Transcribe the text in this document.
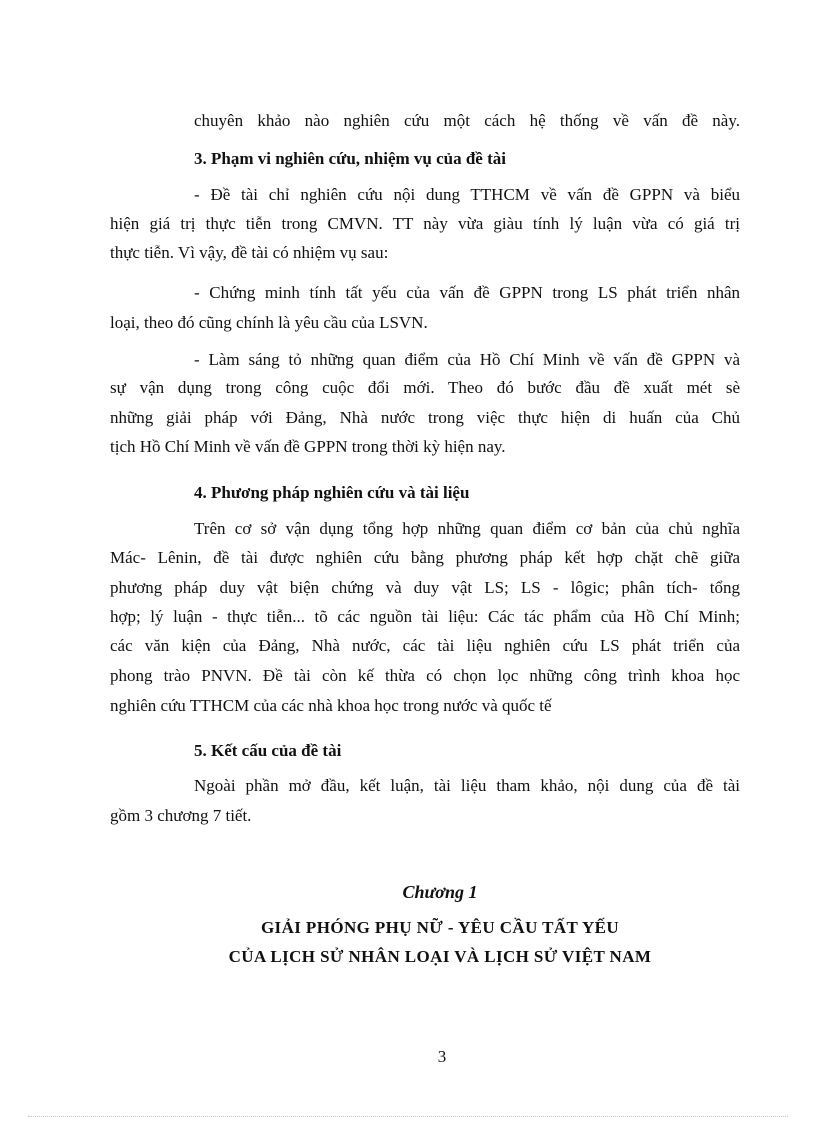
chuyên khảo nào nghiên cứu một cách hệ thống về vấn đề này.
3. Phạm vi nghiên cứu, nhiệm vụ của đề tài
- Đề tài chỉ nghiên cứu nội dung TTHCM về vấn đề GPPN và biểu
hiện giá trị thực tiễn trong CMVN. TT này vừa giàu tính lý luận vừa có giá trị
thực tiễn. Vì vậy, đề tài có nhiệm vụ sau:
- Chứng minh tính tất yếu của vấn đề GPPN trong LS phát triển nhân
loại, theo đó cũng chính là yêu cầu của LSVN.
- Làm sáng tỏ những quan điểm của Hồ Chí Minh về vấn đề GPPN và
sự vận dụng trong công cuộc đổi mới. Theo đó bước đầu đề xuất mét sè
những giải pháp với Đảng, Nhà nước trong việc thực hiện di huấn của Chủ
tịch Hồ Chí Minh về vấn đề GPPN trong thời kỳ hiện nay.
4. Phương pháp nghiên cứu và tài liệu
Trên cơ sở vận dụng tổng hợp những quan điểm cơ bản của chủ nghĩa
Mác- Lênin, đề tài được nghiên cứu bằng phương pháp kết hợp chặt chẽ giữa
phương pháp duy vật biện chứng và duy vật LS; LS - lôgic; phân tích- tổng
hợp; lý luận - thực tiễn... tõ các nguồn tài liệu: Các tác phẩm của Hồ Chí Minh;
các văn kiện của Đảng, Nhà nước, các tài liệu nghiên cứu LS phát triển của
phong trào PNVN. Đề tài còn kế thừa có chọn lọc những công trình khoa học
nghiên cứu TTHCM của các nhà khoa học trong nước và quốc tế
5. Kết cấu của đề tài
Ngoài phần mở đầu, kết luận, tài liệu tham khảo, nội dung của đề tài
gồm 3 chương 7 tiết.
Chương 1
GIẢI PHÓNG PHỤ NỮ - YÊU CẦU TẤT YẾU
CỦA LỊCH SỬ NHÂN LOẠI VÀ LỊCH SỬ VIỆT NAM
3
